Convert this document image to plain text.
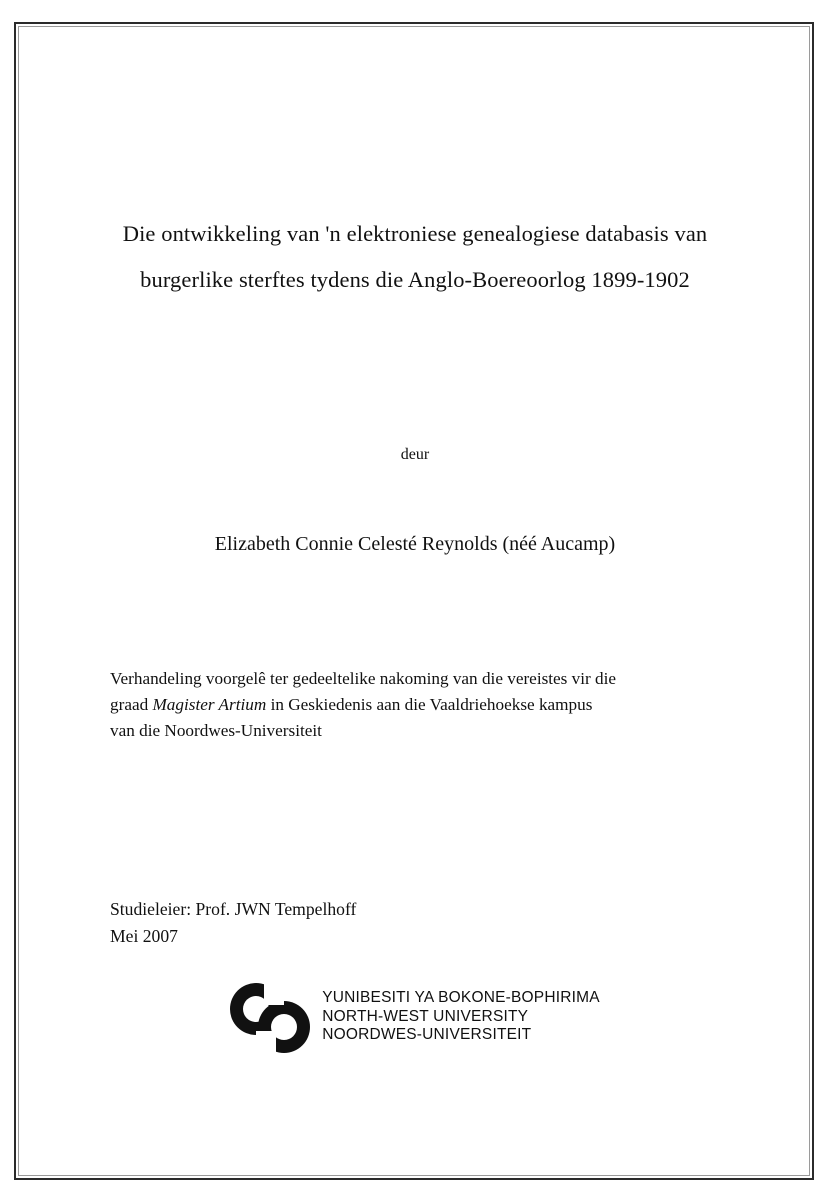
Die ontwikkeling van 'n elektroniese genealogiese databasis van
burgerlike sterftes tydens die Anglo-Boereoorlog 1899-1902
deur
Elizabeth Connie Celesté Reynolds (néé Aucamp)
Verhandeling voorgelê ter gedeeltelike nakoming van die vereistes vir die
graad Magister Artium in Geskiedenis aan die Vaaldriehoekse kampus
van die Noordwes-Universiteit
Studieleier: Prof. JWN Tempelhoff
Mei 2007
YUNIBESITI YA BOKONE-BOPHIRIMA
NORTH-WEST UNIVERSITY
NOORDWES-UNIVERSITEIT
